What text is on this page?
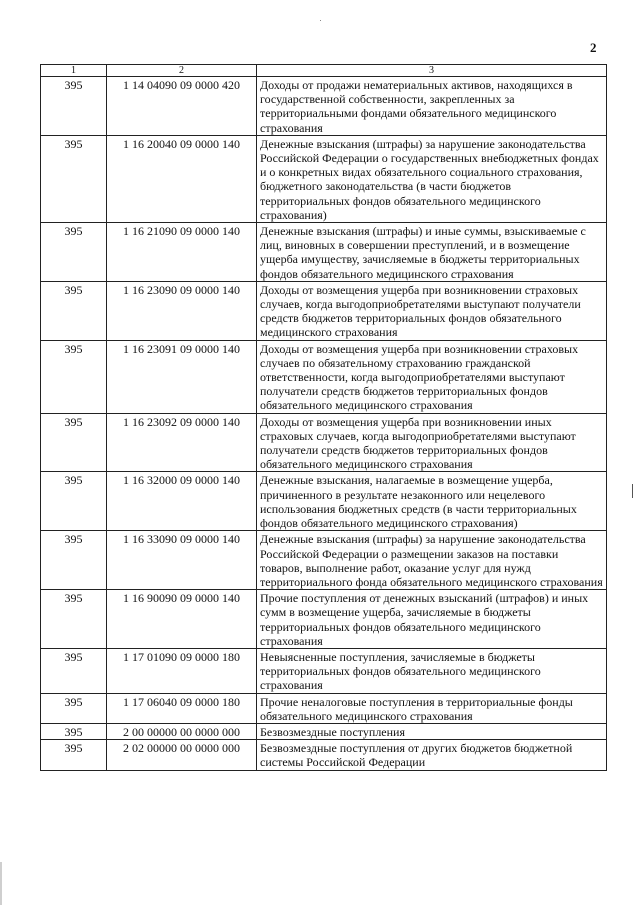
2
1	2	3
395	1 14 04090 09 0000 420	Доходы от продажи нематериальных активов, находящихся в государственной собственности, закрепленных за территориальными фондами обязательного медицинского страхования
395	1 16 20040 09 0000 140	Денежные взыскания (штрафы) за нарушение законодательства Российской Федерации о государственных внебюджетных фондах и о конкретных видах обязательного социального страхования, бюджетного законодательства (в части бюджетов территориальных фондов обязательного медицинского страхования)
395	1 16 21090 09 0000 140	Денежные взыскания (штрафы) и иные суммы, взыскиваемые с лиц, виновных в совершении преступлений, и в возмещение ущерба имуществу, зачисляемые в бюджеты территориальных фондов обязательного медицинского страхования
395	1 16 23090 09 0000 140	Доходы от возмещения ущерба при возникновении страховых случаев, когда выгодоприобретателями выступают получатели средств бюджетов территориальных фондов обязательного медицинского страхования
395	1 16 23091 09 0000 140	Доходы от возмещения ущерба при возникновении страховых случаев по обязательному страхованию гражданской ответственности, когда выгодоприобретателями выступают получатели средств бюджетов территориальных фондов обязательного медицинского страхования
395	1 16 23092 09 0000 140	Доходы от возмещения ущерба при возникновении иных страховых случаев, когда выгодоприобретателями выступают получатели средств бюджетов территориальных фондов обязательного медицинского страхования
395	1 16 32000 09 0000 140	Денежные взыскания, налагаемые в возмещение ущерба, причиненного в результате незаконного или нецелевого использования бюджетных средств (в части территориальных фондов обязательного медицинского страхования)
395	1 16 33090 09 0000 140	Денежные взыскания (штрафы) за нарушение законодательства Российской Федерации о размещении заказов на поставки товаров, выполнение работ, оказание услуг для нужд территориального фонда обязательного медицинского страхования
395	1 16 90090 09 0000 140	Прочие поступления от денежных взысканий (штрафов) и иных сумм в возмещение ущерба, зачисляемые в бюджеты территориальных фондов обязательного медицинского страхования
395	1 17 01090 09 0000 180	Невыясненные поступления, зачисляемые в бюджеты территориальных фондов обязательного медицинского страхования
395	1 17 06040 09 0000 180	Прочие неналоговые поступления в территориальные фонды обязательного медицинского страхования
395	2 00 00000 00 0000 000	Безвозмездные поступления
395	2 02 00000 00 0000 000	Безвозмездные поступления от других бюджетов бюджетной системы Российской Федерации
